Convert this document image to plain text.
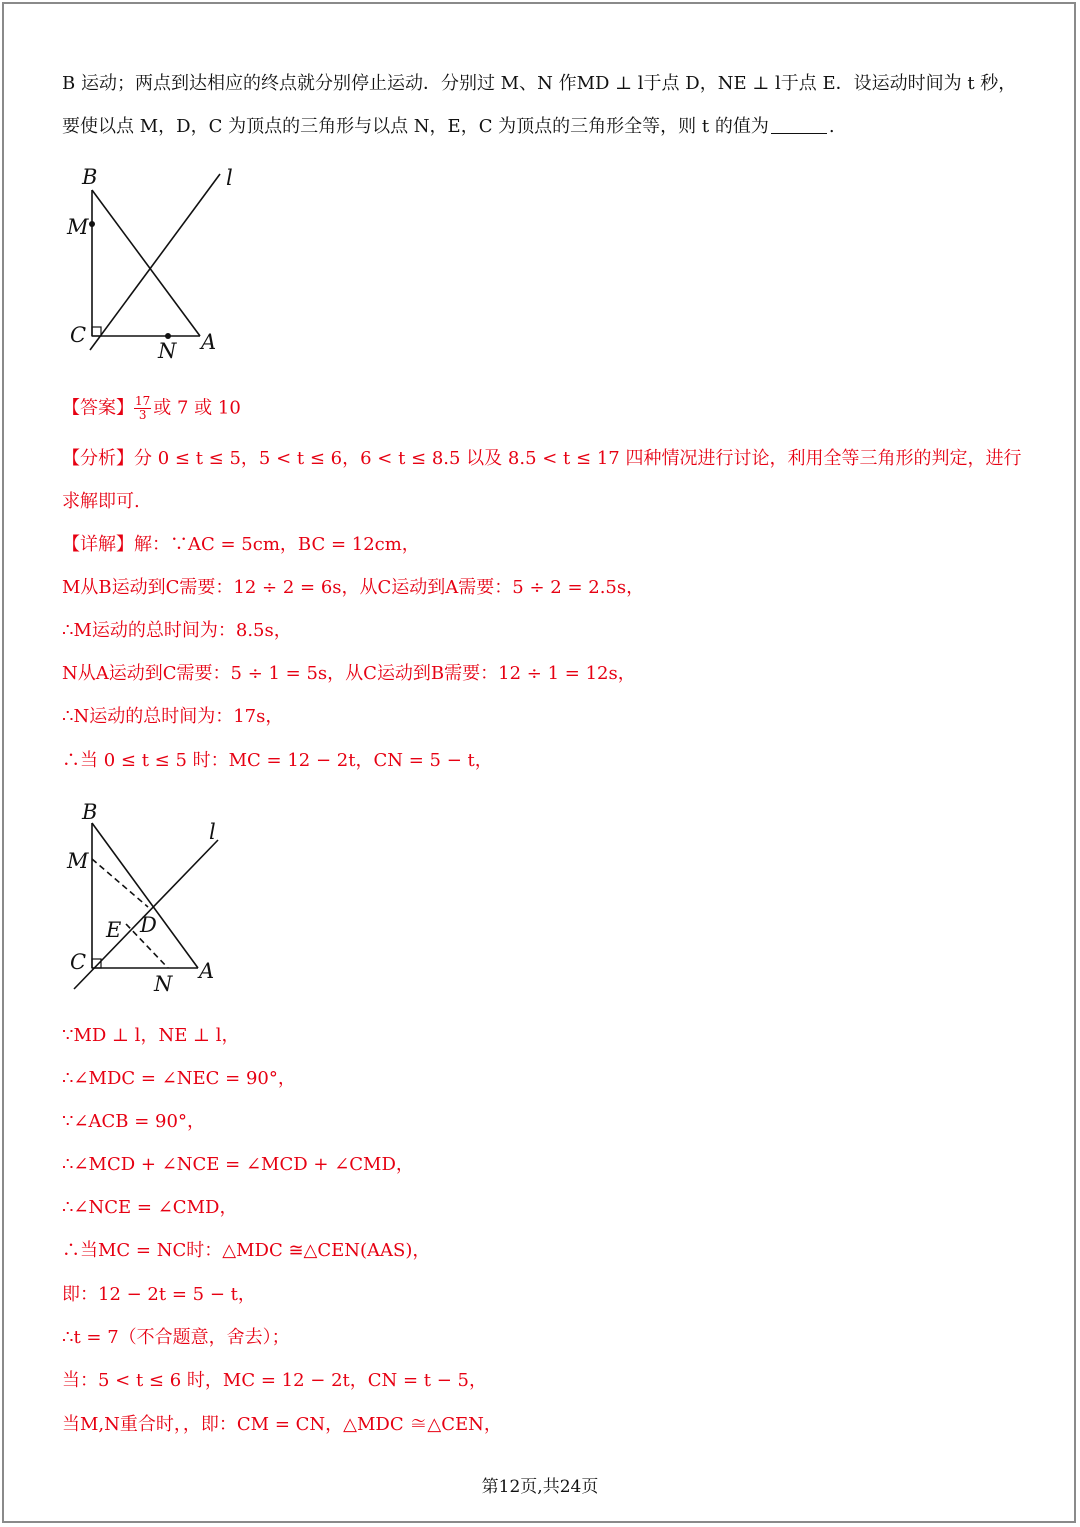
B 运动；两点到达相应的终点就分别停止运动．分别过 M、N 作MD ⊥ l于点 D，NE ⊥ l于点 E．设运动时间为 t 秒，
要使以点 M，D，C 为顶点的三角形与以点 N，E，C 为顶点的三角形全等，则 t 的值为	.
B	l
M
C
N A
【答案】 $\frac{17}{3}$ 或 7 或 10
【分析】分 0 ≤ t ≤ 5，5 < t ≤ 6，6 < t ≤ 8.5 以及 8.5 < t ≤ 17 四种情况进行讨论，利用全等三角形的判定，进行
求解即可.
【详解】解：∵AC = 5cm，BC = 12cm，
M从B运动到C需要：12 ÷ 2 = 6s，从C运动到A需要：5 ÷ 2 = 2.5s，
∴M运动的总时间为：8.5s，
N从A运动到C需要：5 ÷ 1 = 5s，从C运动到B需要：12 ÷ 1 = 12s，
∴N运动的总时间为：17s，
∴当 0 ≤ t ≤ 5 时：MC = 12 − 2t，CN = 5 − t，
B
l
M
E D
C
N
A
∵MD ⊥ l，NE ⊥ l，
∴∠MDC = ∠NEC = 90°，
∵∠ACB = 90°，
∴∠MCD + ∠NCE = ∠MCD + ∠CMD，
∴∠NCE = ∠CMD，
∴当MC = NC时：△MDC ≅△CEN(AAS)，
即：12 − 2t = 5 − t，
∴t = 7（不合题意，舍去）；
当：5 < t ≤ 6 时，MC = 12 − 2t，CN = t − 5，
当M,N重合时，，即：CM = CN，△MDC ≅△CEN，
第12页,共24页
